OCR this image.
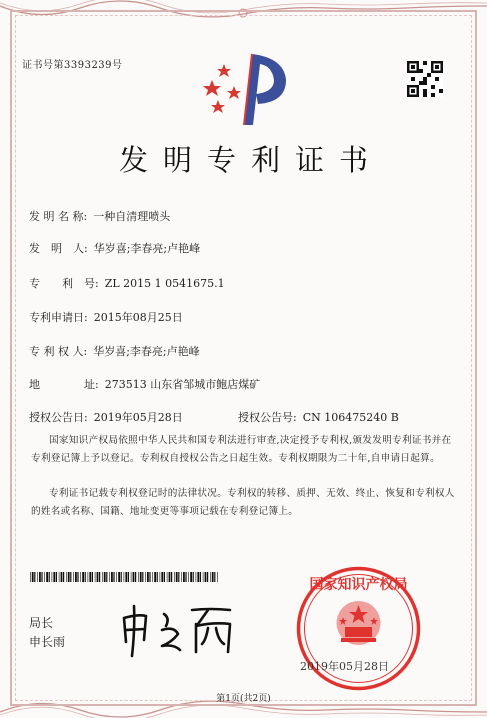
证书号第3393239号
发明专利证书
发 明 名 称: 一种自清理喷头
发　明　人: 华岁喜;李春亮;卢艳峰
专　　利　号: ZL 2015 1 0541675.1
专利申请日: 2015年08月25日
专 利 权 人: 华岁喜;李春亮;卢艳峰
地　　　　址: 273513 山东省邹城市鲍店煤矿
授权公告日: 2019年05月28日	授权公告号: CN 106475240 B
国家知识产权局依照中华人民共和国专利法进行审查,决定授予专利权,颁发发明专利证书并在专利登记簿上予以登记。专利权自授权公告之日起生效。专利权期限为二十年,自申请日起算。
专利证书记载专利权登记时的法律状况。专利权的转移、质押、无效、终止、恢复和专利权人的姓名或名称、国籍、地址变更等事项记载在专利登记簿上。
局长
申长雨
国家知识产权局
2019年05月28日
第1页(共2页)
